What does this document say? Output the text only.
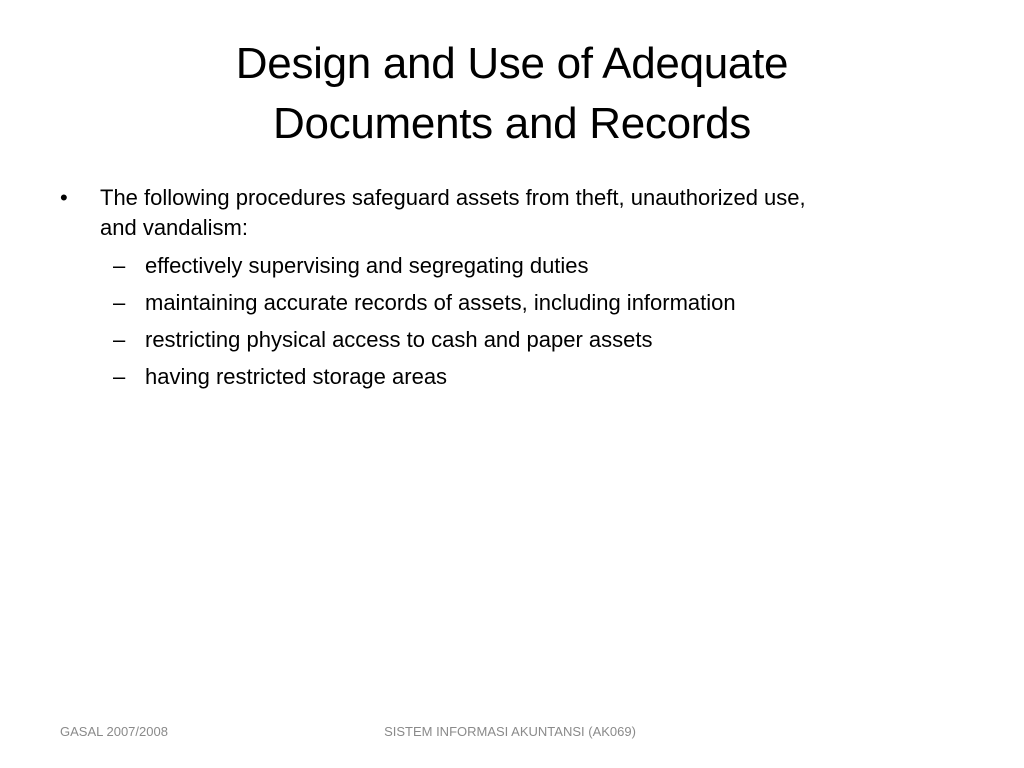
Design and Use of Adequate
Documents and Records
•	The following procedures safeguard assets from theft, unauthorized use,
and vandalism:
– effectively supervising and segregating duties
– maintaining accurate records of assets, including information
– restricting physical access to cash and paper assets
– having restricted storage areas
GASAL 2007/2008	SISTEM INFORMASI AKUNTANSI (AK069)
